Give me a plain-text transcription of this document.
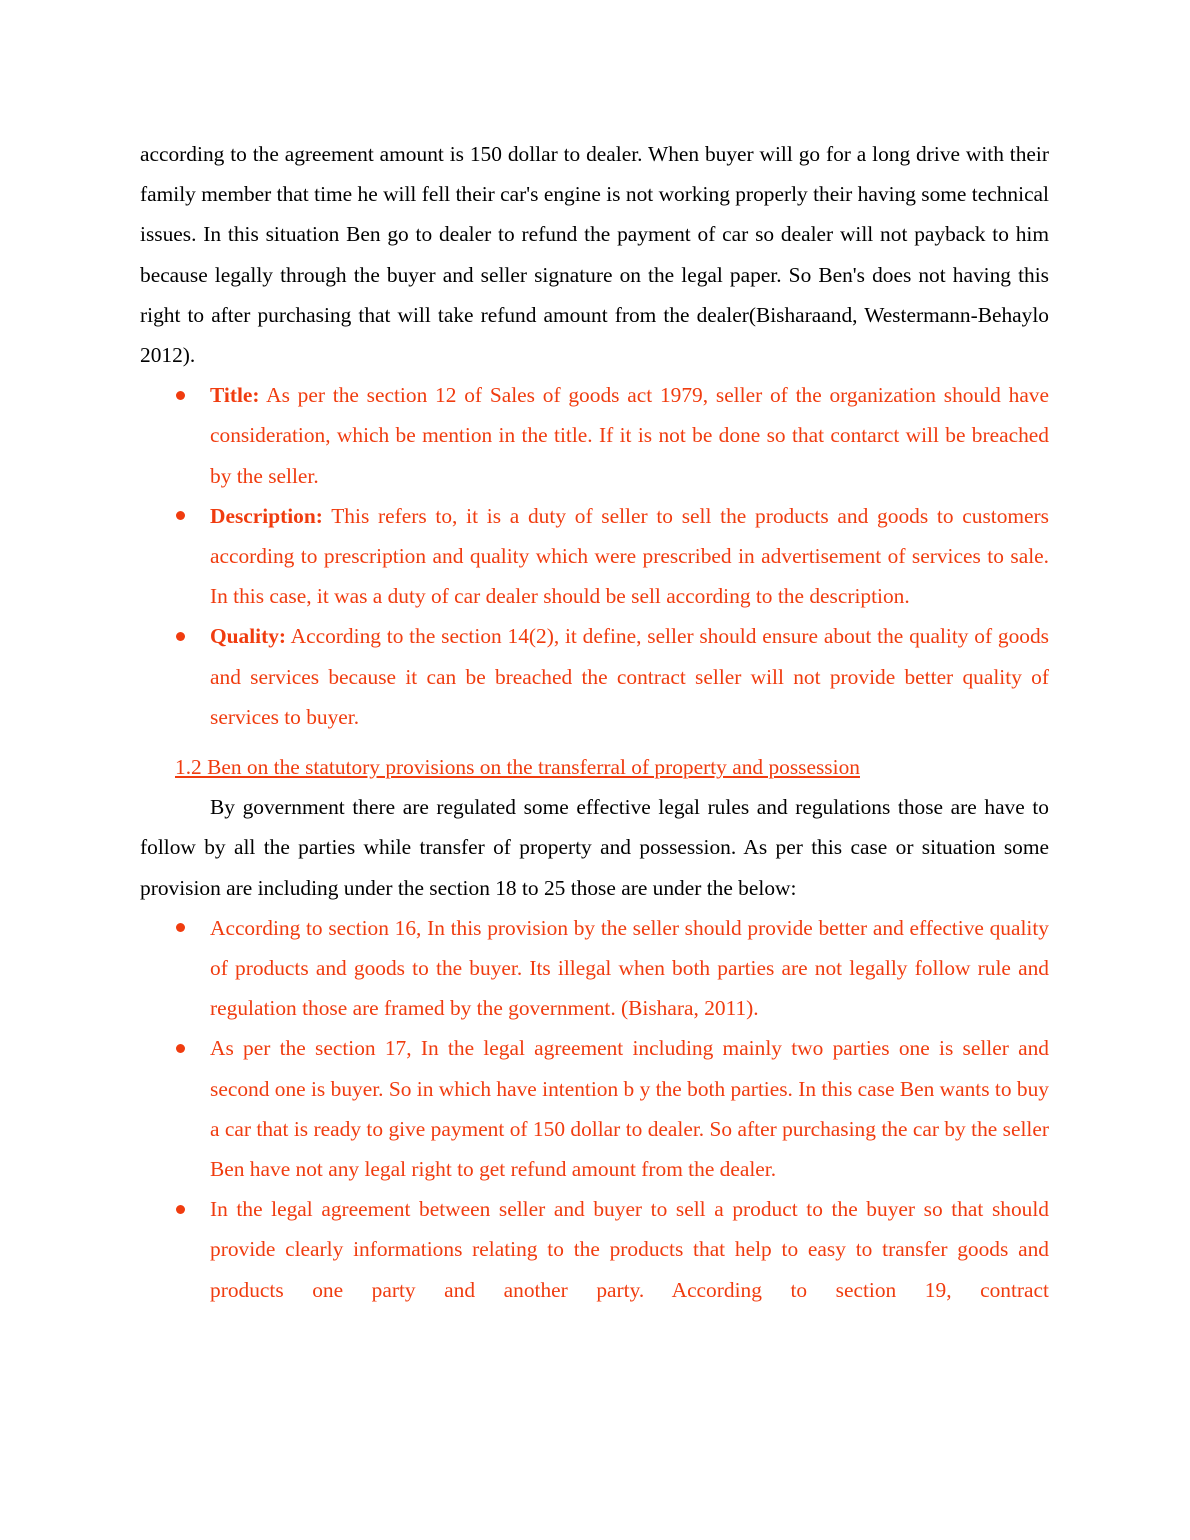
according to the agreement amount is 150 dollar to dealer. When buyer will go for a long drive with their family member that time he will fell their car's engine is not working properly their having some technical issues. In this situation Ben go to dealer to refund the payment of car so dealer will not payback to him because legally through the buyer and seller signature on the legal paper. So Ben's does not having this right to after purchasing that will take refund amount from the dealer(Bisharaand, Westermann-Behaylo 2012).

Title: As per the section 12 of Sales of goods act 1979, seller of the organization should have consideration, which be mention in the title. If it is not be done so that contarct will be breached by the seller.
Description: This refers to, it is a duty of seller to sell the products and goods to customers according to prescription and quality which were prescribed in advertisement of services to sale. In this case, it was a duty of car dealer should be sell according to the description.
Quality: According to the section 14(2), it define, seller should ensure about the quality of goods and services because it can be breached the contract seller will not provide better quality of services to buyer.

1.2 Ben on the statutory provisions on the transferral of property and possession

By government there are regulated some effective legal rules and regulations those are have to follow by all the parties while transfer of property and possession. As per this case or situation some provision are including under the section 18 to 25 those are under the below:

According to section 16, In this provision by the seller should provide better and effective quality of products and goods to the buyer. Its illegal when both parties are not legally follow rule and regulation those are framed by the government. (Bishara, 2011).
As per the section 17, In the legal agreement including mainly two parties one is seller and second one is buyer. So in which have intention b y the both parties. In this case Ben wants to buy a car that is ready to give payment of 150 dollar to dealer. So after purchasing the car by the seller Ben have not any legal right to get refund amount from the dealer.
In the legal agreement between seller and buyer to sell a product to the buyer so that should provide clearly informations relating to the products that help to easy to transfer goods and products one party and another party. According to section 19, contract
